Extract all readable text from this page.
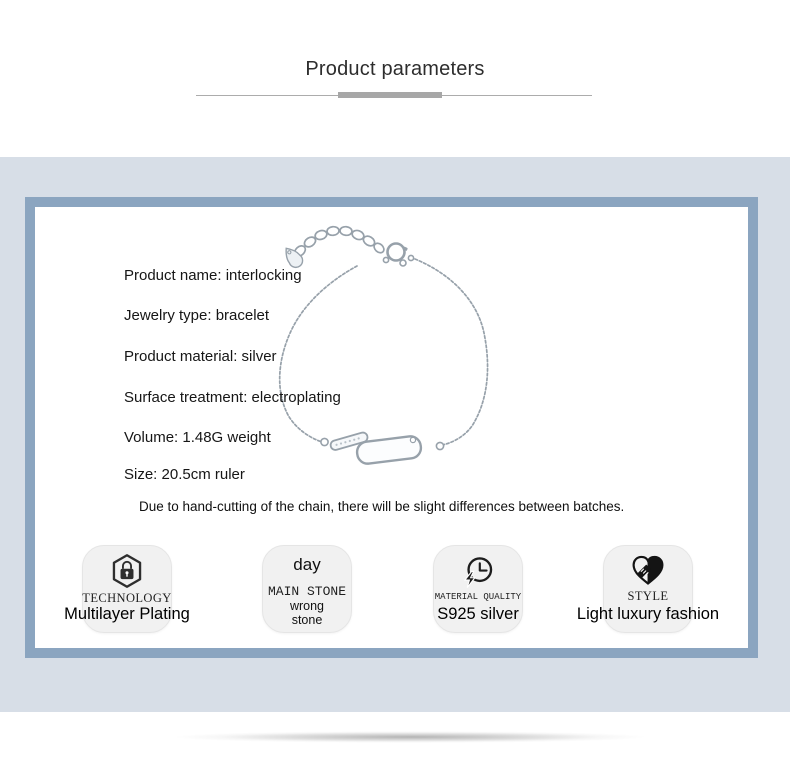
Product parameters
Product name: interlocking
Jewelry type: bracelet
Product material: silver
Surface treatment: electroplating
Volume: 1.48G weight
Size: 20.5cm ruler

Due to hand-cutting of the chain, there will be slight differences between batches.

TECHNOLOGY
Multilayer Plating
day
MAIN STONE
wrong
stone
MATERIAL QUALITY
S925 silver
STYLE
Light luxury fashion
